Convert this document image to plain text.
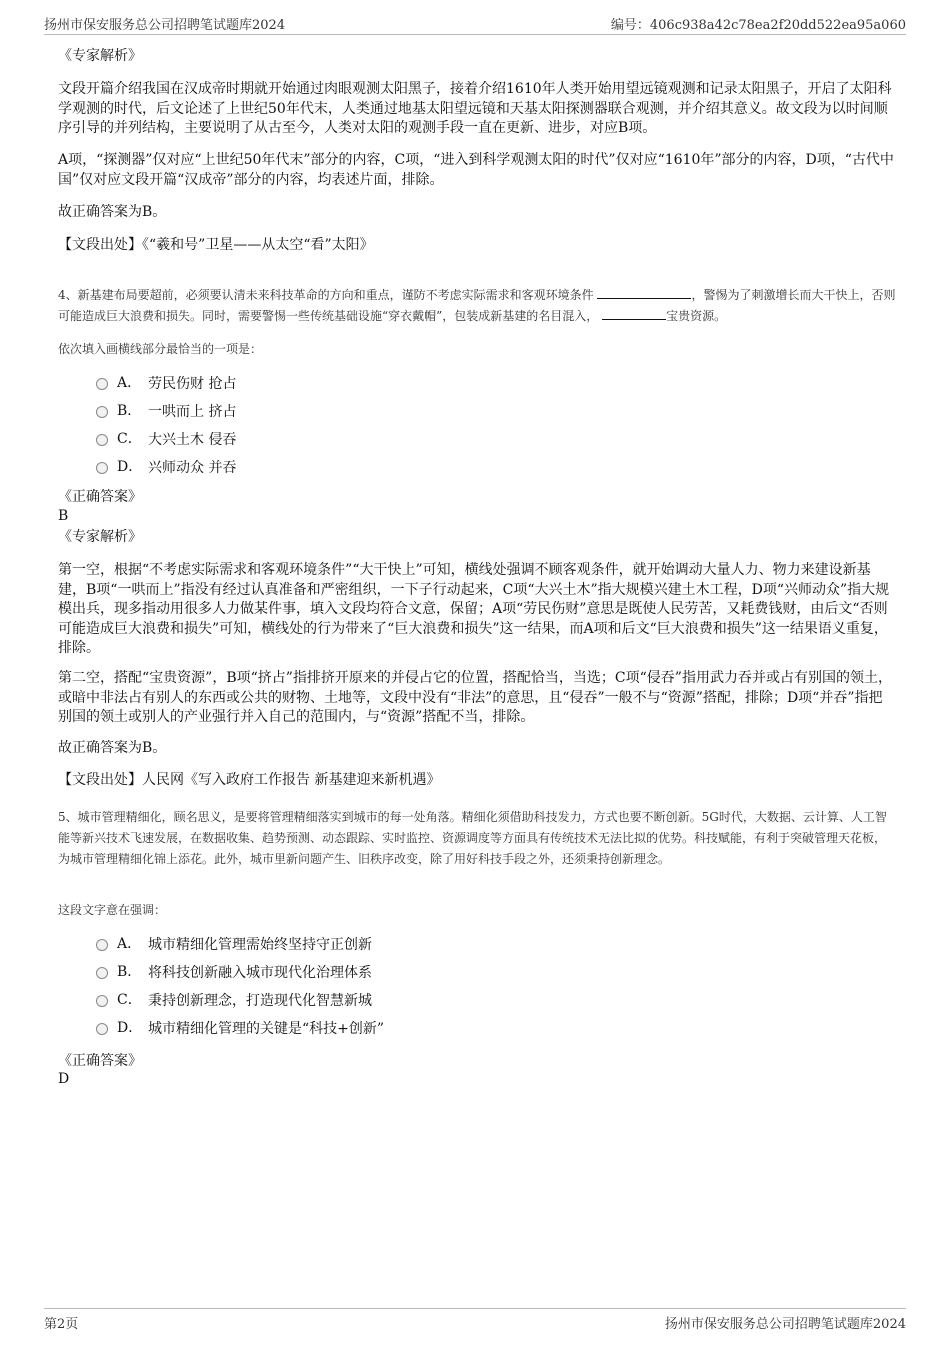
扬州市保安服务总公司招聘笔试题库2024	编号：406c938a42c78ea2f20dd522ea95a060
《专家解析》

文段开篇介绍我国在汉成帝时期就开始通过肉眼观测太阳黑子，接着介绍1610年人类开始用望远镜观测和记录太阳黑子，开启了太阳科学观测的时代，后文论述了上世纪50年代末，人类通过地基太阳望远镜和天基太阳探测器联合观测，并介绍其意义。故文段为以时间顺序引导的并列结构，主要说明了从古至今，人类对太阳的观测手段一直在更新、进步，对应B项。

A项，“探测器”仅对应“上世纪50年代末”部分的内容，C项，“进入到科学观测太阳的时代”仅对应“1610年”部分的内容，D项，“古代中国”仅对应文段开篇“汉成帝”部分的内容，均表述片面，排除。

故正确答案为B。
【文段出处】《“羲和号”卫星——从太空“看”太阳》

4、新基建布局要超前，必须要认清未来科技革命的方向和重点，谨防不考虑实际需求和客观环境条件	，警惕为了刺激增长而大干快上，否则可能造成巨大浪费和损失。同时，需要警惕一些传统基础设施“穿衣戴帽”，包装成新基建的名目混入，	宝贵资源。

依次填入画横线部分最恰当的一项是：
A． 劳民伤财 抢占
B． 一哄而上 挤占
C． 大兴土木 侵吞
D． 兴师动众 并吞
《正确答案》
B
《专家解析》

第一空，根据“不考虑实际需求和客观环境条件”“大干快上”可知，横线处强调不顾客观条件，就开始调动大量人力、物力来建设新基建，B项“一哄而上”指没有经过认真准备和严密组织，一下子行动起来，C项“大兴土木”指大规模兴建土木工程，D项“兴师动众”指大规模出兵，现多指动用很多人力做某件事，填入文段均符合文意，保留；A项“劳民伤财”意思是既使人民劳苦，又耗费钱财，由后文“否则可能造成巨大浪费和损失”可知，横线处的行为带来了“巨大浪费和损失”这一结果，而A项和后文“巨大浪费和损失”这一结果语义重复，排除。

第二空，搭配“宝贵资源”，B项“挤占”指排挤开原来的并侵占它的位置，搭配恰当，当选；C项“侵吞”指用武力吞并或占有别国的领土，或暗中非法占有别人的东西或公共的财物、土地等，文段中没有“非法”的意思，且“侵吞”一般不与“资源”搭配，排除；D项“并吞”指把别国的领土或别人的产业强行并入自己的范围内，与“资源”搭配不当，排除。

故正确答案为B。
【文段出处】人民网《写入政府工作报告 新基建迎来新机遇》

5、城市管理精细化，顾名思义，是要将管理精细落实到城市的每一处角落。精细化须借助科技发力，方式也要不断创新。5G时代，大数据、云计算、人工智能等新兴技术飞速发展，在数据收集、趋势预测、动态跟踪、实时监控、资源调度等方面具有传统技术无法比拟的优势。科技赋能，有利于突破管理天花板，为城市管理精细化锦上添花。此外，城市里新问题产生、旧秩序改变，除了用好科技手段之外，还须秉持创新理念。

这段文字意在强调：
A． 城市精细化管理需始终坚持守正创新
B． 将科技创新融入城市现代化治理体系
C． 秉持创新理念，打造现代化智慧新城
D． 城市精细化管理的关键是“科技+创新”
《正确答案》
D
第2页	扬州市保安服务总公司招聘笔试题库2024
